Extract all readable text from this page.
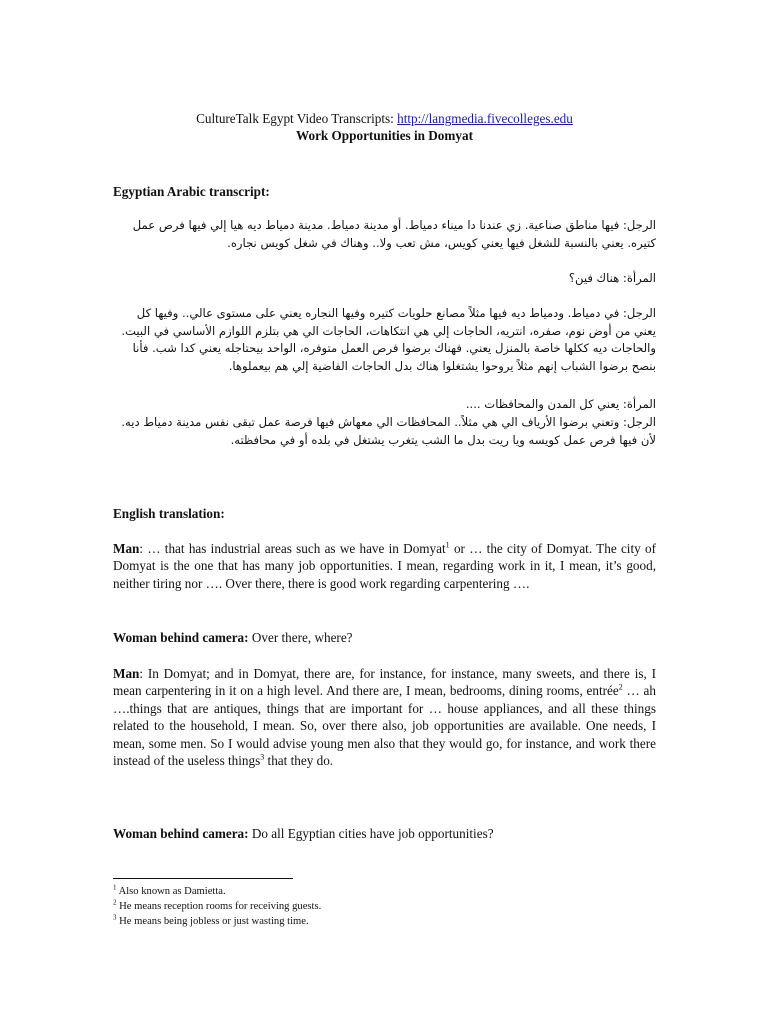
CultureTalk Egypt Video Transcripts: http://langmedia.fivecolleges.edu

Work Opportunities in Domyat

Egyptian Arabic transcript:

الرجل: فيها مناطق صناعية. زي عندنا دا ميناء دمياط. أو مدينة دمياط. مدينة دمياط ديه هيا إلي فيها فرص عمل كتيره. يعني بالنسبة للشغل فيها يعني كويس، مش تعب ولا.. وهناك في شغل كويس نجاره.

المرأة: هناك فين؟

الرجل: في دمياط. ودمياط ديه فيها مثلاً مصانع حلويات كتيره وفيها النجاره يعني على مستوى عالي.. وفيها كل يعني من أوض نوم، صفره، انتريه، الحاجات إلي هي انتكاهات، الحاجات الي هي بتلزم اللوازم الأساسي في البيت. والحاجات ديه ككلها خاصة بالمنزل يعني. فهناك برضوا فرص العمل متوفره، الواحد بيحتاجله يعني كدا شب. فأنا بنصح برضوا الشباب إنهم مثلاً يروحوا يشتغلوا هناك بدل الحاجات الفاضية إلي هم بيعملوها.

المرأة: يعني كل المدن والمحافظات ....

الرجل: وتعني برضوا الأرياف الي هي مثلاً.. المحافظات الي معهاش فيها فرصة عمل تبقى نفس مدينة دمياط ديه. لأن فيها فرص عمل كويسه ويا ريت بدل ما الشب يتغرب يشتغل في بلده أو في محافظته.

English translation:

Man: … that has industrial areas such as we have in Domyat$^1$ or … the city of Domyat. The city of Domyat is the one that has many job opportunities. I mean, regarding work in it, I mean, it’s good, neither tiring nor …. Over there, there is good work regarding carpentering ….

Woman behind camera: Over there, where?

Man: In Domyat; and in Domyat, there are, for instance, for instance, many sweets, and there is, I mean carpentering in it on a high level. And there are, I mean, bedrooms, dining rooms, entrée$^2$ … ah ….things that are antiques, things that are important for … house appliances, and all these things related to the household, I mean. So, over there also, job opportunities are available. One needs, I mean, some men. So I would advise young men also that they would go, for instance, and work there instead of the useless things$^3$ that they do.

Woman behind camera: Do all Egyptian cities have job opportunities?

$^1$ Also known as Damietta.

$^2$ He means reception rooms for receiving guests.

$^3$ He means being jobless or just wasting time.
